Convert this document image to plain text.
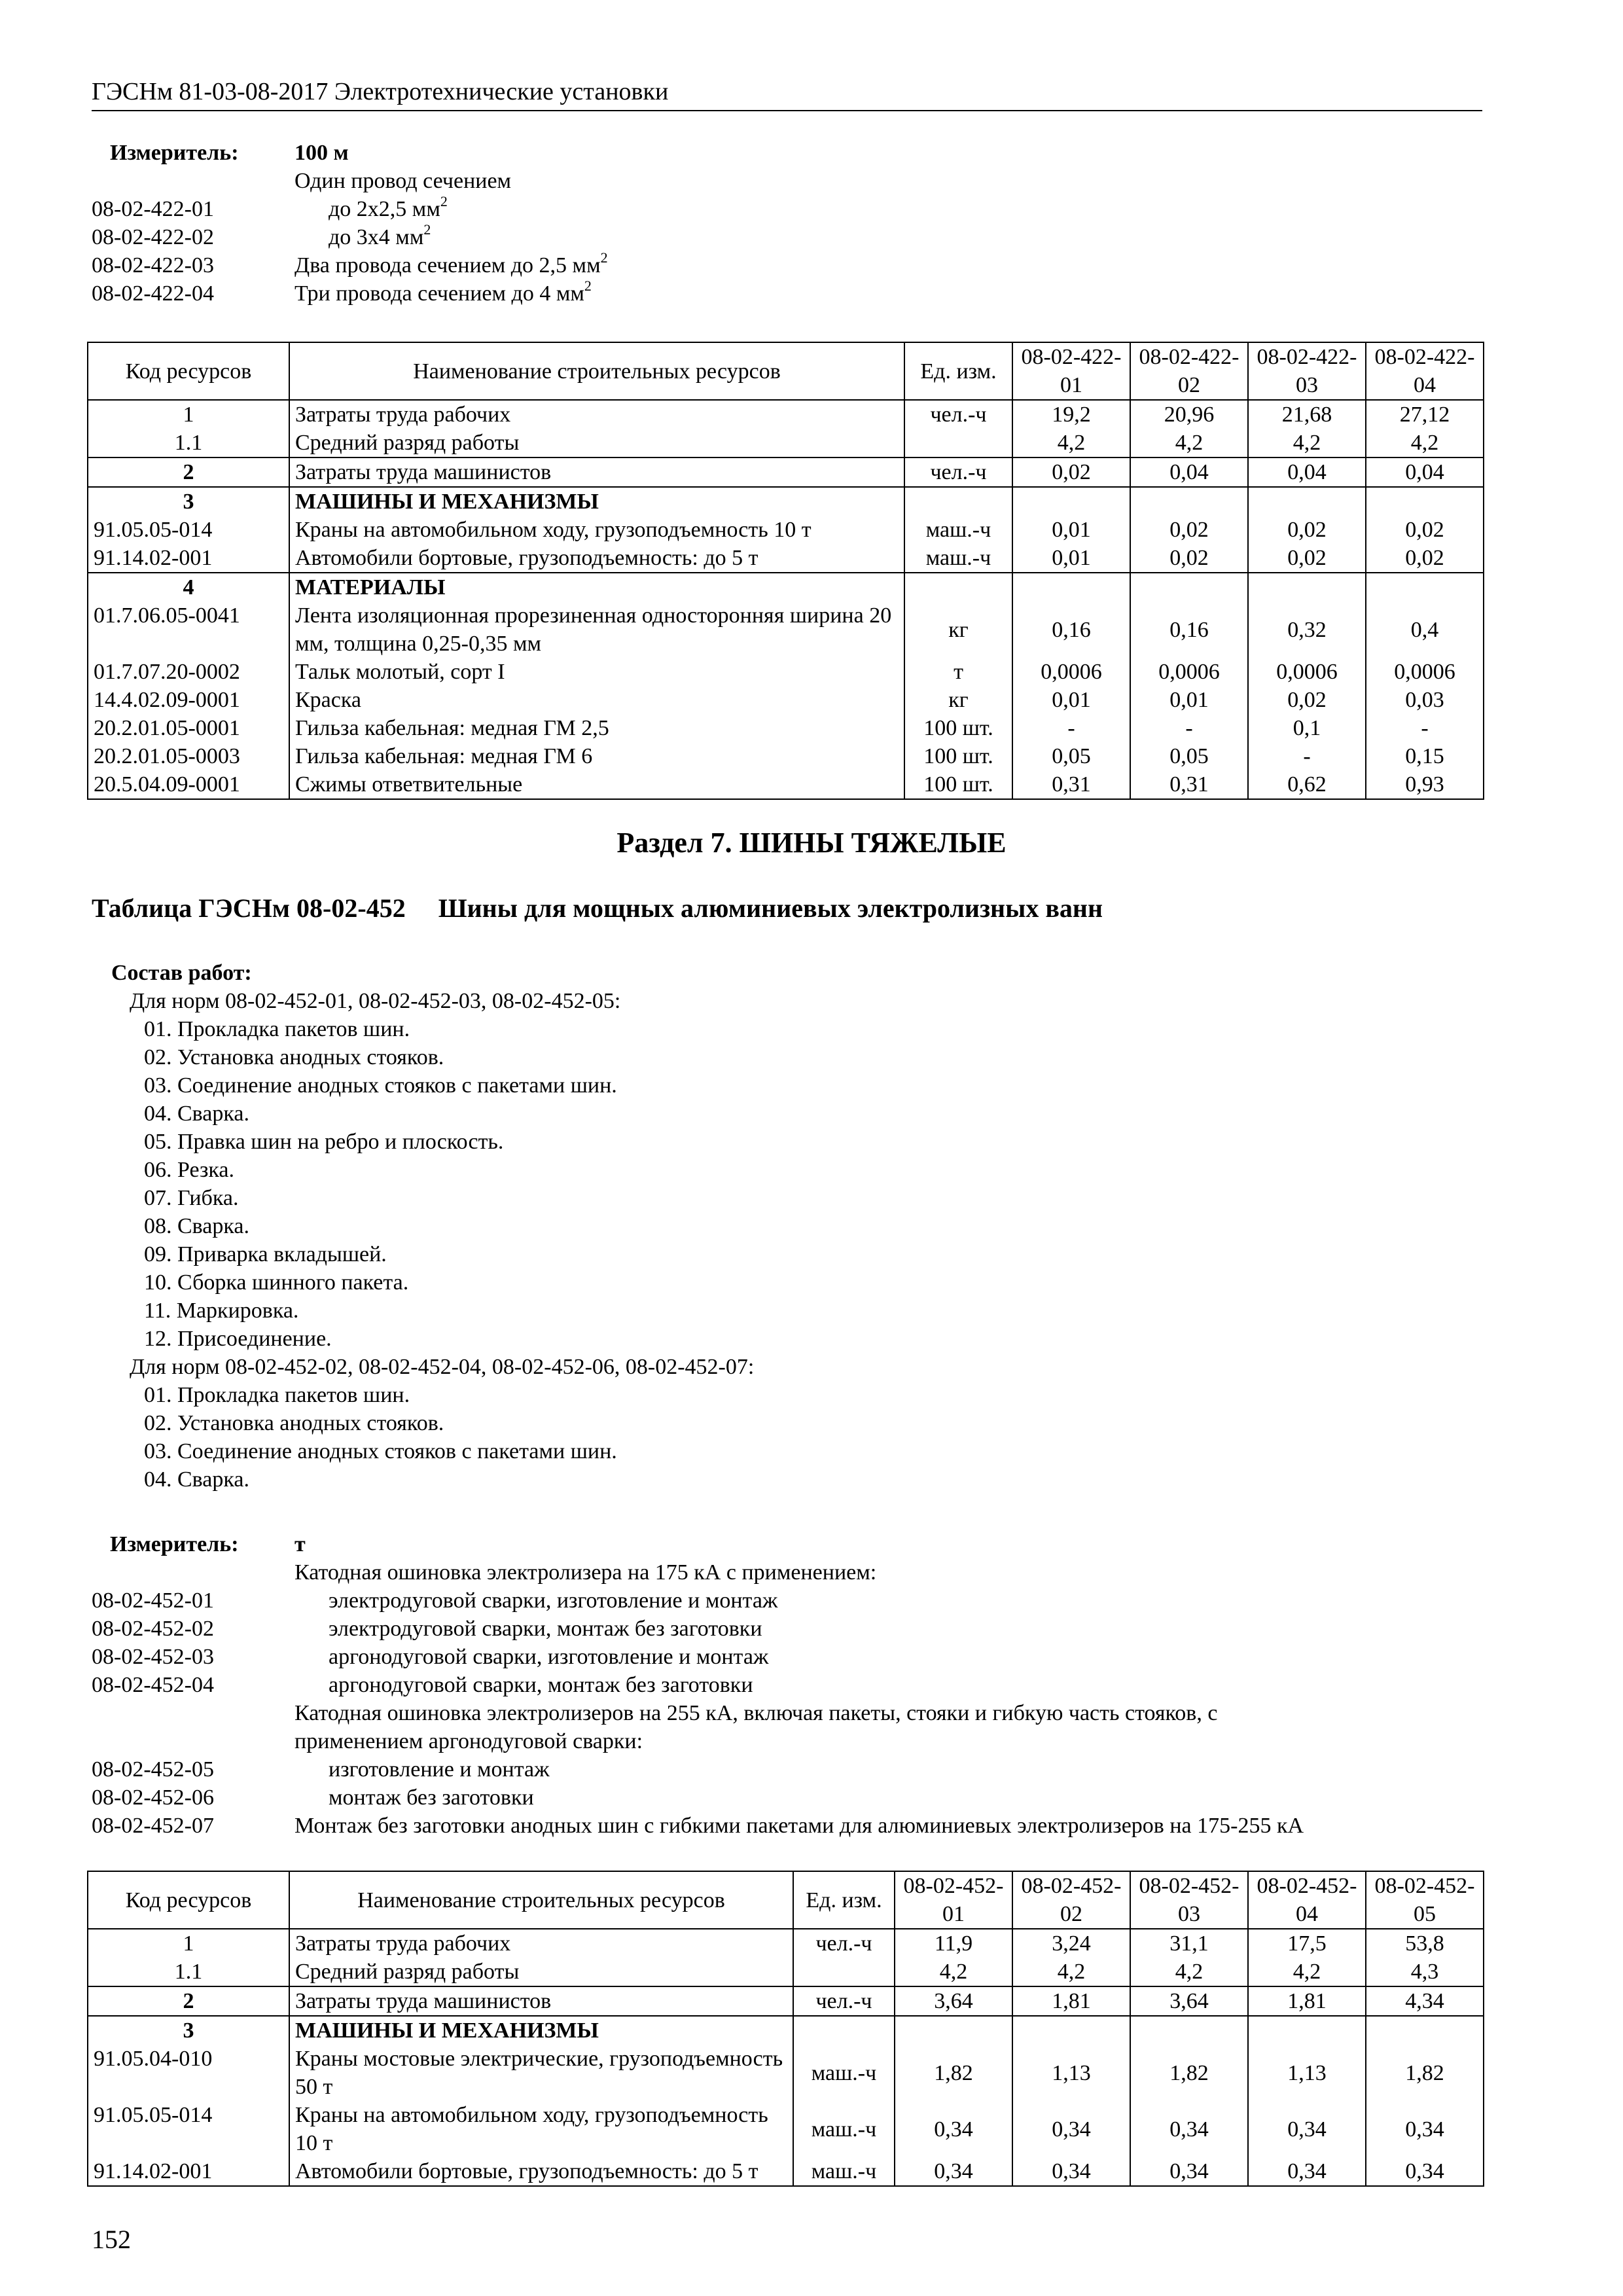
ГЭСНм 81-03-08-2017 Электротехнические установки
Измеритель:	100 м
Один провод сечением
08-02-422-01	до 2x2,5 $мм^2$
08-02-422-02	до 3x4 $мм^2$
08-02-422-03	Два провода сечением до 2,5 $мм^2$
08-02-422-04	Три провода сечением до 4 $мм^2$
Код ресурсов	Наименование строительных ресурсов	Ед. изм.	08-02-422-01	08-02-422-02	08-02-422-03	08-02-422-04
1	Затраты труда рабочих	чел.-ч	19,2	20,96	21,68	27,12
1.1	Средний разряд работы		4,2	4,2	4,2	4,2
2	Затраты труда машинистов	чел.-ч	0,02	0,04	0,04	0,04
3	МАШИНЫ И МЕХАНИЗМЫ					
91.05.05-014	Краны на автомобильном ходу, грузоподъемность 10 т	маш.-ч	0,01	0,02	0,02	0,02
91.14.02-001	Автомобили бортовые, грузоподъемность: до 5 т	маш.-ч	0,01	0,02	0,02	0,02
4	МАТЕРИАЛЫ					
01.7.06.05-0041	Лента изоляционная прорезиненная односторонняя ширина 20 мм, толщина 0,25-0,35 мм	кг	0,16	0,16	0,32	0,4
01.7.07.20-0002	Тальк молотый, сорт I	т	0,0006	0,0006	0,0006	0,0006
14.4.02.09-0001	Краска	кг	0,01	0,01	0,02	0,03
20.2.01.05-0001	Гильза кабельная: медная ГМ 2,5	100 шт.	-	-	0,1	-
20.2.01.05-0003	Гильза кабельная: медная ГМ 6	100 шт.	0,05	0,05	-	0,15
20.5.04.09-0001	Сжимы ответвительные	100 шт.	0,31	0,31	0,62	0,93
Раздел 7. ШИНЫ ТЯЖЕЛЫЕ
Таблица ГЭСНм 08-02-452 Шины для мощных алюминиевых электролизных ванн
Состав работ:
Для норм 08-02-452-01, 08-02-452-03, 08-02-452-05:
01. Прокладка пакетов шин.
02. Установка анодных стояков.
03. Соединение анодных стояков с пакетами шин.
04. Сварка.
05. Правка шин на ребро и плоскость.
06. Резка.
07. Гибка.
08. Сварка.
09. Приварка вкладышей.
10. Сборка шинного пакета.
11. Маркировка.
12. Присоединение.
Для норм 08-02-452-02, 08-02-452-04, 08-02-452-06, 08-02-452-07:
01. Прокладка пакетов шин.
02. Установка анодных стояков.
03. Соединение анодных стояков с пакетами шин.
04. Сварка.
Измеритель:	т
Катодная ошиновка электролизера на 175 кА с применением:
08-02-452-01	электродуговой сварки, изготовление и монтаж
08-02-452-02	электродуговой сварки, монтаж без заготовки
08-02-452-03	аргонодуговой сварки, изготовление и монтаж
08-02-452-04	аргонодуговой сварки, монтаж без заготовки
Катодная ошиновка электролизеров на 255 кА, включая пакеты, стояки и гибкую часть стояков, с
применением аргонодуговой сварки:
08-02-452-05	изготовление и монтаж
08-02-452-06	монтаж без заготовки
08-02-452-07	Монтаж без заготовки анодных шин с гибкими пакетами для алюминиевых электролизеров на 175-255 кА
Код ресурсов	Наименование строительных ресурсов	Ед. изм.	08-02-452-01	08-02-452-02	08-02-452-03	08-02-452-04	08-02-452-05
1	Затраты труда рабочих	чел.-ч	11,9	3,24	31,1	17,5	53,8
1.1	Средний разряд работы		4,2	4,2	4,2	4,2	4,3
2	Затраты труда машинистов	чел.-ч	3,64	1,81	3,64	1,81	4,34
3	МАШИНЫ И МЕХАНИЗМЫ						
91.05.04-010	Краны мостовые электрические, грузоподъемность 50 т	маш.-ч	1,82	1,13	1,82	1,13	1,82
91.05.05-014	Краны на автомобильном ходу, грузоподъемность 10 т	маш.-ч	0,34	0,34	0,34	0,34	0,34
91.14.02-001	Автомобили бортовые, грузоподъемность: до 5 т	маш.-ч	0,34	0,34	0,34	0,34	0,34
152
